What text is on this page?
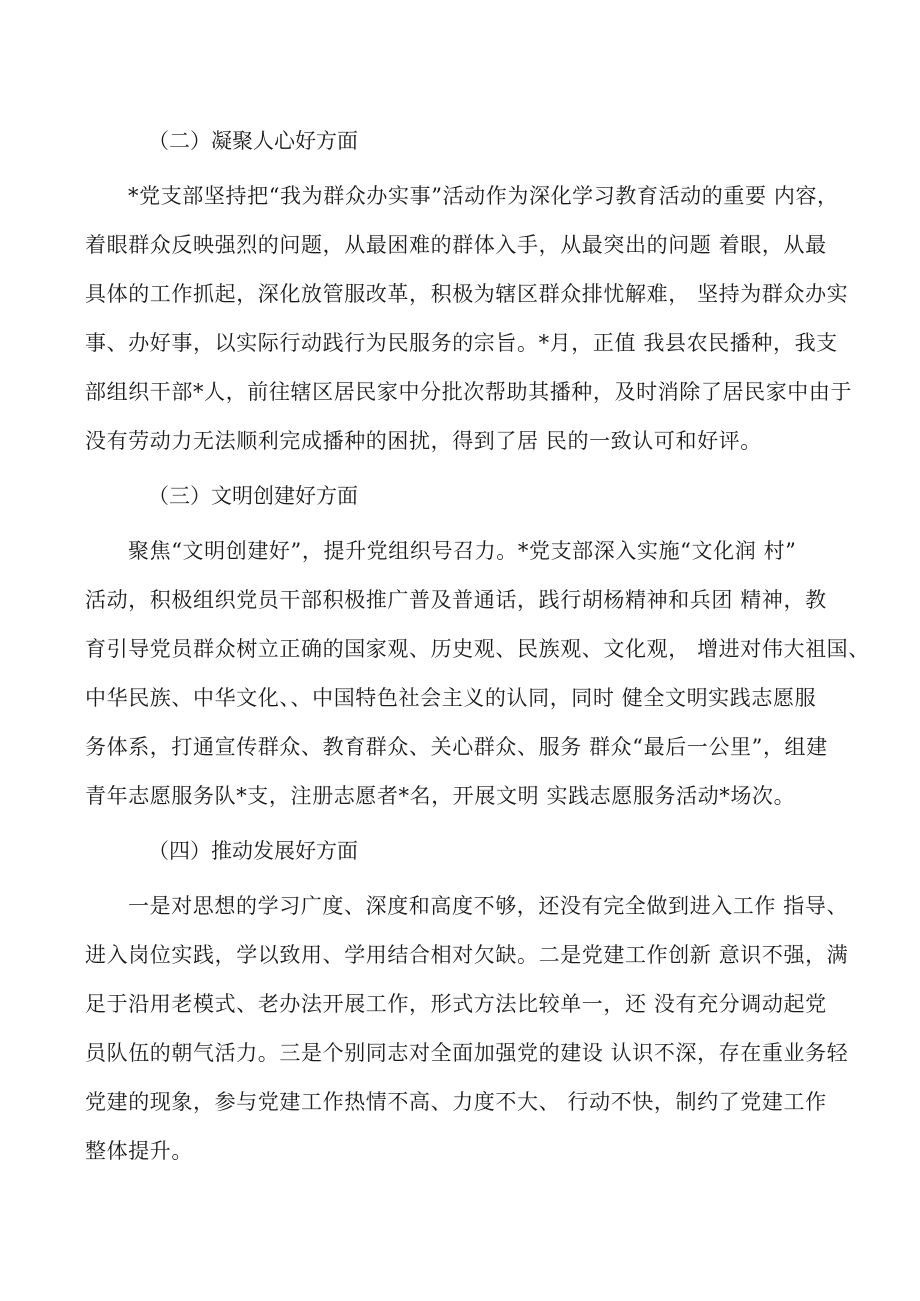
（二）凝聚人心好方面

*党支部坚持把“我为群众办实事”活动作为深化学习教育活动的重要 内容，

着眼群众反映强烈的问题，从最困难的群体入手，从最突出的问题 着眼，从最

具体的工作抓起，深化放管服改革，积极为辖区群众排忧解难， 坚持为群众办实

事、办好事，以实际行动践行为民服务的宗旨。*月，正值 我县农民播种，我支

部组织干部*人，前往辖区居民家中分批次帮助其播种，及时消除了居民家中由于

没有劳动力无法顺利完成播种的困扰，得到了居 民的一致认可和好评。

（三）文明创建好方面

聚焦“文明创建好”，提升党组织号召力。*党支部深入实施“文化润 村”

活动，积极组织党员干部积极推广普及普通话，践行胡杨精神和兵团 精神，教

育引导党员群众树立正确的国家观、历史观、民族观、文化观， 增进对伟大祖国、

中华民族、中华文化、、中国特色社会主义的认同，同时 健全文明实践志愿服

务体系，打通宣传群众、教育群众、关心群众、服务 群众“最后一公里”，组建

青年志愿服务队*支，注册志愿者*名，开展文明 实践志愿服务活动*场次。

（四）推动发展好方面

一是对思想的学习广度、深度和高度不够，还没有完全做到进入工作 指导、

进入岗位实践，学以致用、学用结合相对欠缺。二是党建工作创新 意识不强，满

足于沿用老模式、老办法开展工作，形式方法比较单一，还 没有充分调动起党

员队伍的朝气活力。三是个别同志对全面加强党的建设 认识不深，存在重业务轻

党建的现象，参与党建工作热情不高、力度不大、 行动不快，制约了党建工作

整体提升。
